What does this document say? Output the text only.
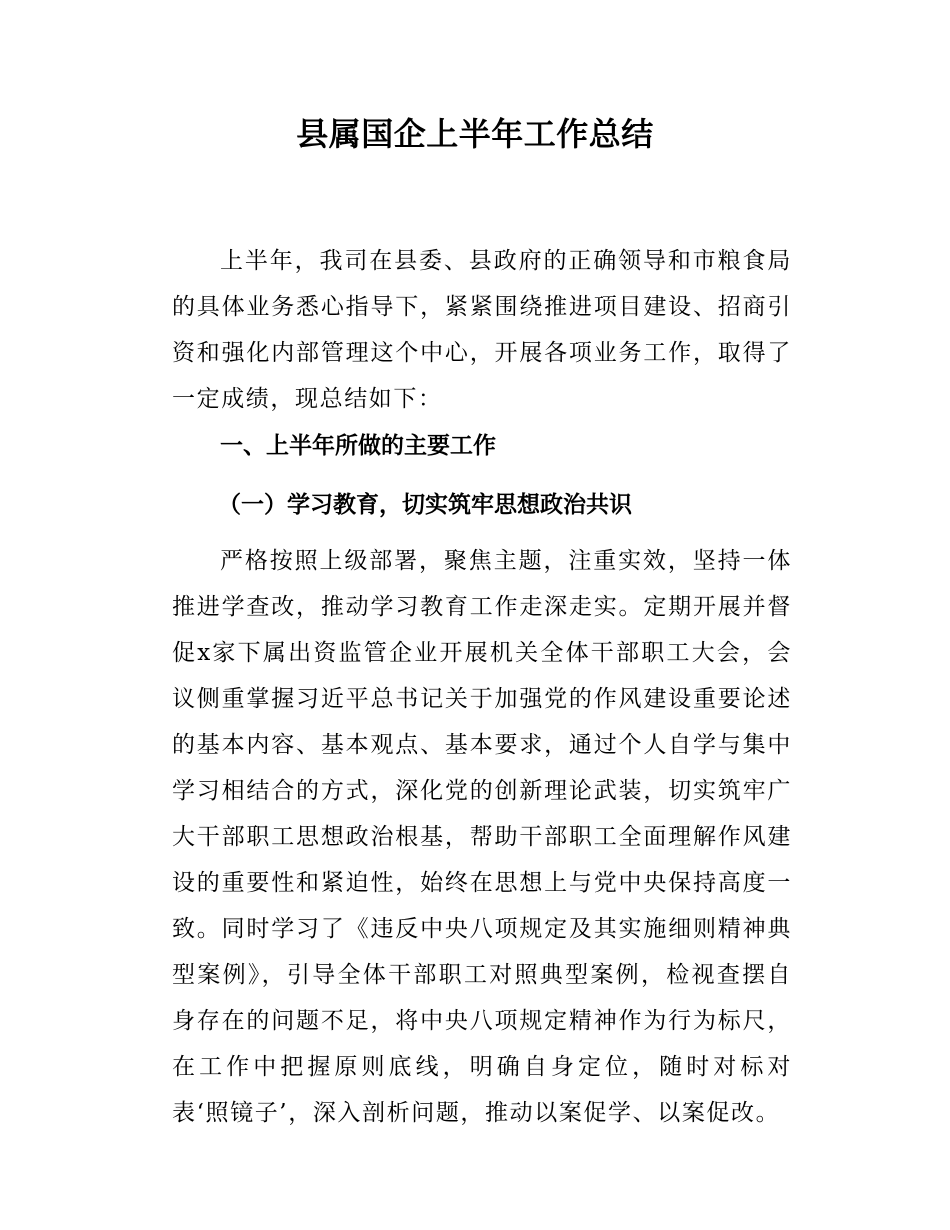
县属国企上半年工作总结

上半年，我司在县委、县政府的正确领导和市粮食局的具体业务悉心指导下，紧紧围绕推进项目建设、招商引资和强化内部管理这个中心，开展各项业务工作，取得了一定成绩，现总结如下：

一、上半年所做的主要工作
（一）学习教育，切实筑牢思想政治共识

严格按照上级部署，聚焦主题，注重实效，坚持一体推进学查改，推动学习教育工作走深走实。定期开展并督促x家下属出资监管企业开展机关全体干部职工大会，会议侧重掌握习近平总书记关于加强党的作风建设重要论述的基本内容、基本观点、基本要求，通过个人自学与集中学习相结合的方式，深化党的创新理论武装，切实筑牢广大干部职工思想政治根基，帮助干部职工全面理解作风建设的重要性和紧迫性，始终在思想上与党中央保持高度一致。同时学习了《违反中央八项规定及其实施细则精神典型案例》，引导全体干部职工对照典型案例，检视查摆自身存在的问题不足，将中央八项规定精神作为行为标尺，在工作中把握原则底线，明确自身定位，随时对标对表‘照镜子’，深入剖析问题，推动以案促学、以案促改。
